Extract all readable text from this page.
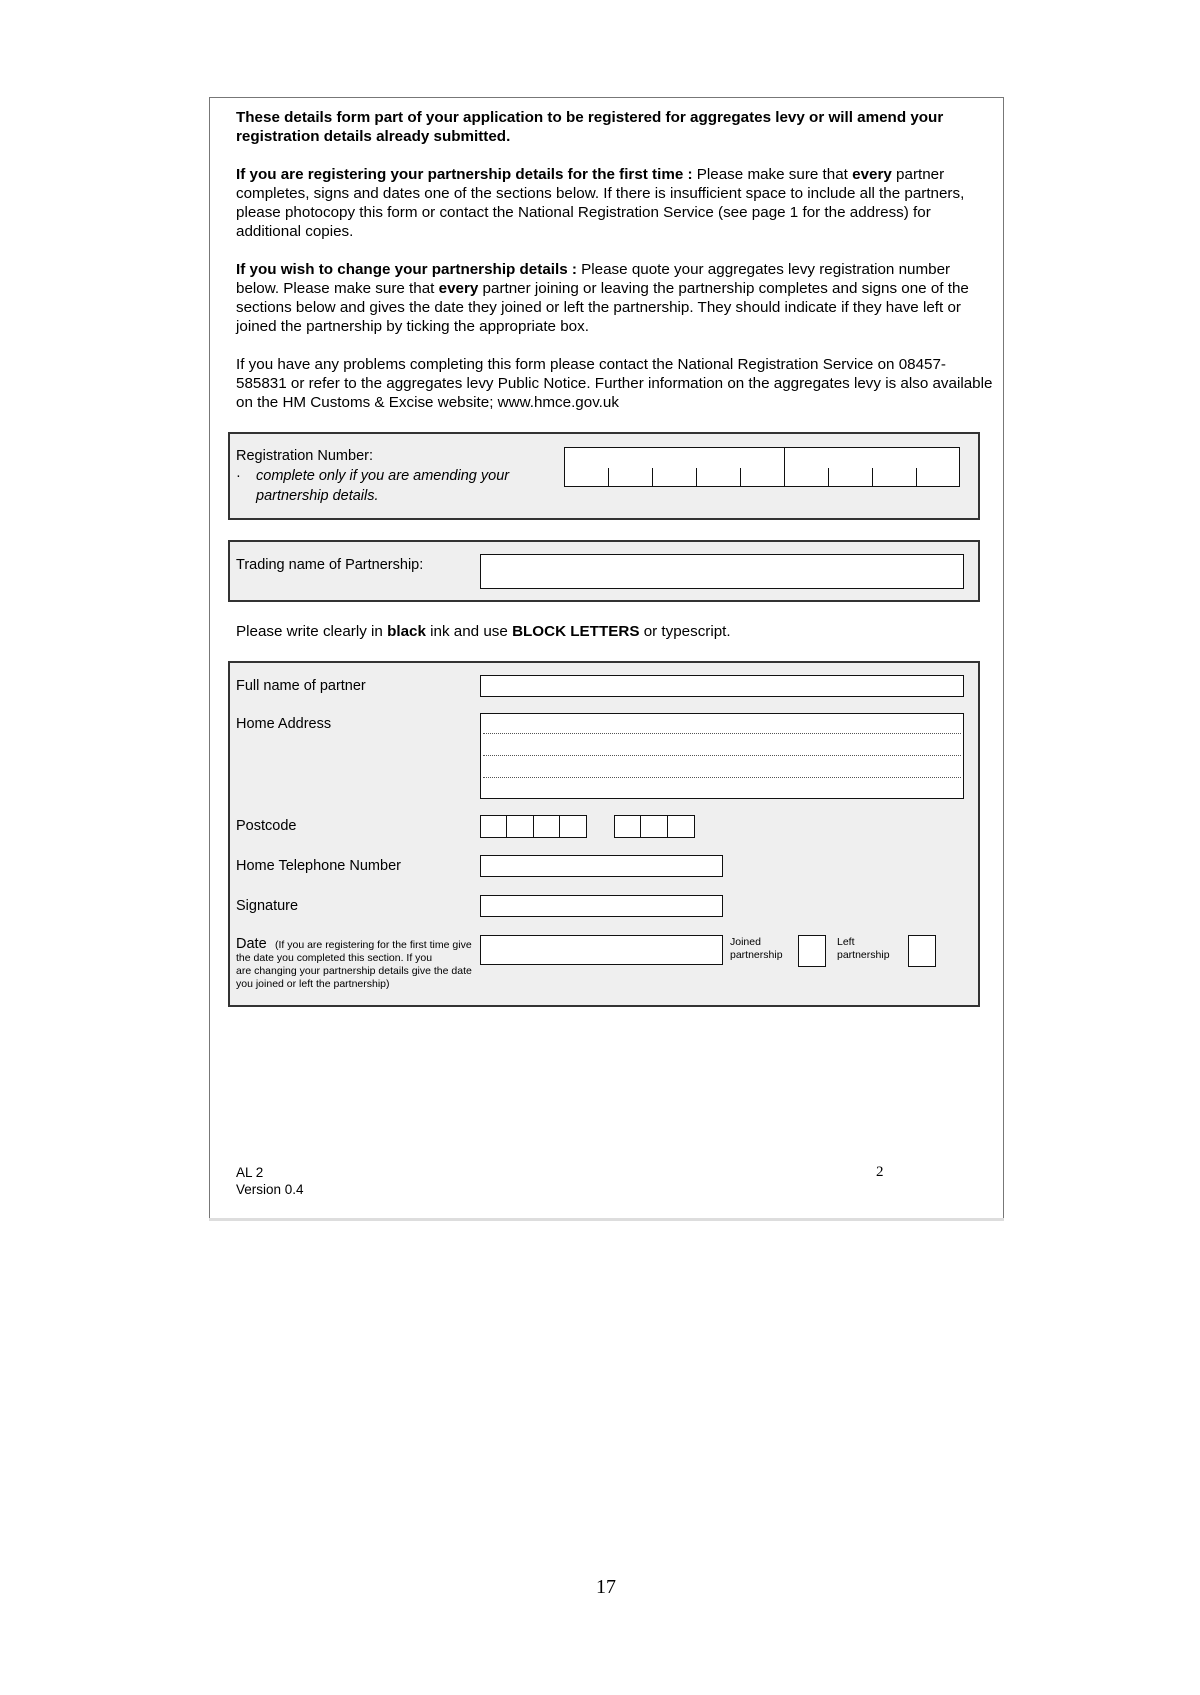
These details form part of your application to be registered for aggregates levy or will amend your registration details already submitted.

If you are registering your partnership details for the first time : Please make sure that every partner completes, signs and dates one of the sections below. If there is insufficient space to include all the partners, please photocopy this form or contact the National Registration Service (see page 1 for the address) for additional copies.

If you wish to change your partnership details : Please quote your aggregates levy registration number below. Please make sure that every partner joining or leaving the partnership completes and signs one of the sections below and gives the date they joined or left the partnership. They should indicate if they have left or joined the partnership by ticking the appropriate box.

If you have any problems completing this form please contact the National Registration Service on 08457-585831 or refer to the aggregates levy Public Notice. Further information on the aggregates levy is also available on the HM Customs & Excise website; www.hmce.gov.uk

Registration Number:
· complete only if you are amending your
partnership details.
Trading name of Partnership:

Please write clearly in black ink and use BLOCK LETTERS or typescript.

Full name of partner
Home Address
Postcode
Home Telephone Number
Signature
Date (If you are registering for the first time give
the date you completed this section. If you
are changing your partnership details give the date
you joined or left the partnership)
Joined
partnership
Left
partnership
AL 2
Version 0.4
2
17
